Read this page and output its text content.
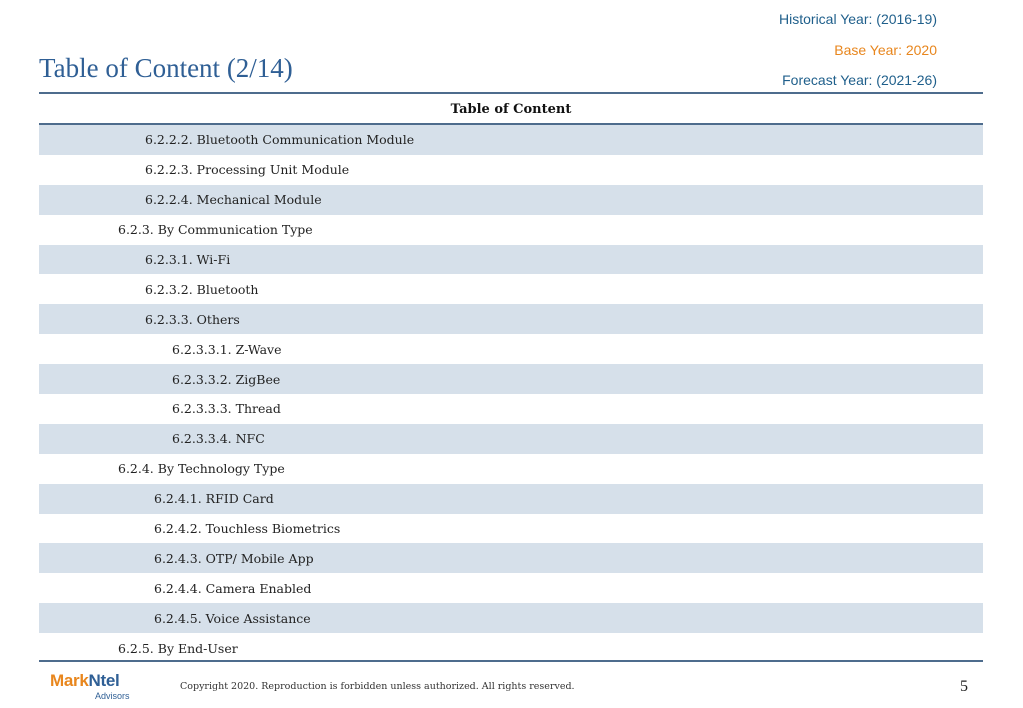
Historical Year: (2016-19)
Base Year: 2020
Forecast Year: (2021-26)
Table of Content (2/14)
Table of Content
6.2.2.2. Bluetooth Communication Module
6.2.2.3. Processing Unit Module
6.2.2.4. Mechanical Module
6.2.3. By Communication Type
6.2.3.1. Wi-Fi
6.2.3.2. Bluetooth
6.2.3.3. Others
6.2.3.3.1. Z-Wave
6.2.3.3.2. ZigBee
6.2.3.3.3. Thread
6.2.3.3.4. NFC
6.2.4. By Technology Type
6.2.4.1. RFID Card
6.2.4.2. Touchless Biometrics
6.2.4.3. OTP/ Mobile App
6.2.4.4. Camera Enabled
6.2.4.5. Voice Assistance
6.2.5. By End-User
MarkNtel
Advisors
Copyright 2020. Reproduction is forbidden unless authorized. All rights reserved.	5
